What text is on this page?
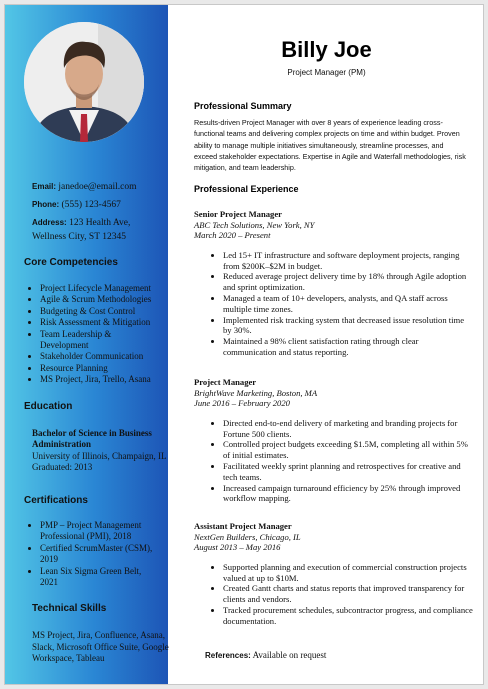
Email: janedoe@email.com
Phone: (555) 123-4567
Address: 123 Health Ave, Wellness City, ST 12345
Core Competencies
• Project Lifecycle Management
• Agile & Scrum Methodologies
• Budgeting & Cost Control
• Risk Assessment & Mitigation
• Team Leadership & Development
• Stakeholder Communication
• Resource Planning
• MS Project, Jira, Trello, Asana
Education
Bachelor of Science in Business Administration
University of Illinois, Champaign, IL
Graduated: 2013
Certifications
• PMP – Project Management Professional (PMI), 2018
• Certified ScrumMaster (CSM), 2019
• Lean Six Sigma Green Belt, 2021
Technical Skills
MS Project, Jira, Confluence, Asana, Slack, Microsoft Office Suite, Google Workspace, Tableau
Billy Joe
Project Manager (PM)
Professional Summary
Results-driven Project Manager with over 8 years of experience leading cross-functional teams and delivering complex projects on time and within budget. Proven ability to manage multiple initiatives simultaneously, streamline processes, and exceed stakeholder expectations. Expertise in Agile and Waterfall methodologies, risk mitigation, and team leadership.
Professional Experience
Senior Project Manager
ABC Tech Solutions, New York, NY
March 2020 – Present
• Led 15+ IT infrastructure and software deployment projects, ranging from $200K–$2M in budget.
• Reduced average project delivery time by 18% through Agile adoption and sprint optimization.
• Managed a team of 10+ developers, analysts, and QA staff across multiple time zones.
• Implemented risk tracking system that decreased issue resolution time by 30%.
• Maintained a 98% client satisfaction rating through clear communication and status reporting.
Project Manager
BrightWave Marketing, Boston, MA
June 2016 – February 2020
• Directed end-to-end delivery of marketing and branding projects for Fortune 500 clients.
• Controlled project budgets exceeding $1.5M, completing all within 5% of initial estimates.
• Facilitated weekly sprint planning and retrospectives for creative and tech teams.
• Increased campaign turnaround efficiency by 25% through improved workflow mapping.
Assistant Project Manager
NextGen Builders, Chicago, IL
August 2013 – May 2016
• Supported planning and execution of commercial construction projects valued at up to $10M.
• Created Gantt charts and status reports that improved transparency for clients and vendors.
• Tracked procurement schedules, subcontractor progress, and compliance documentation.
References: Available on request
